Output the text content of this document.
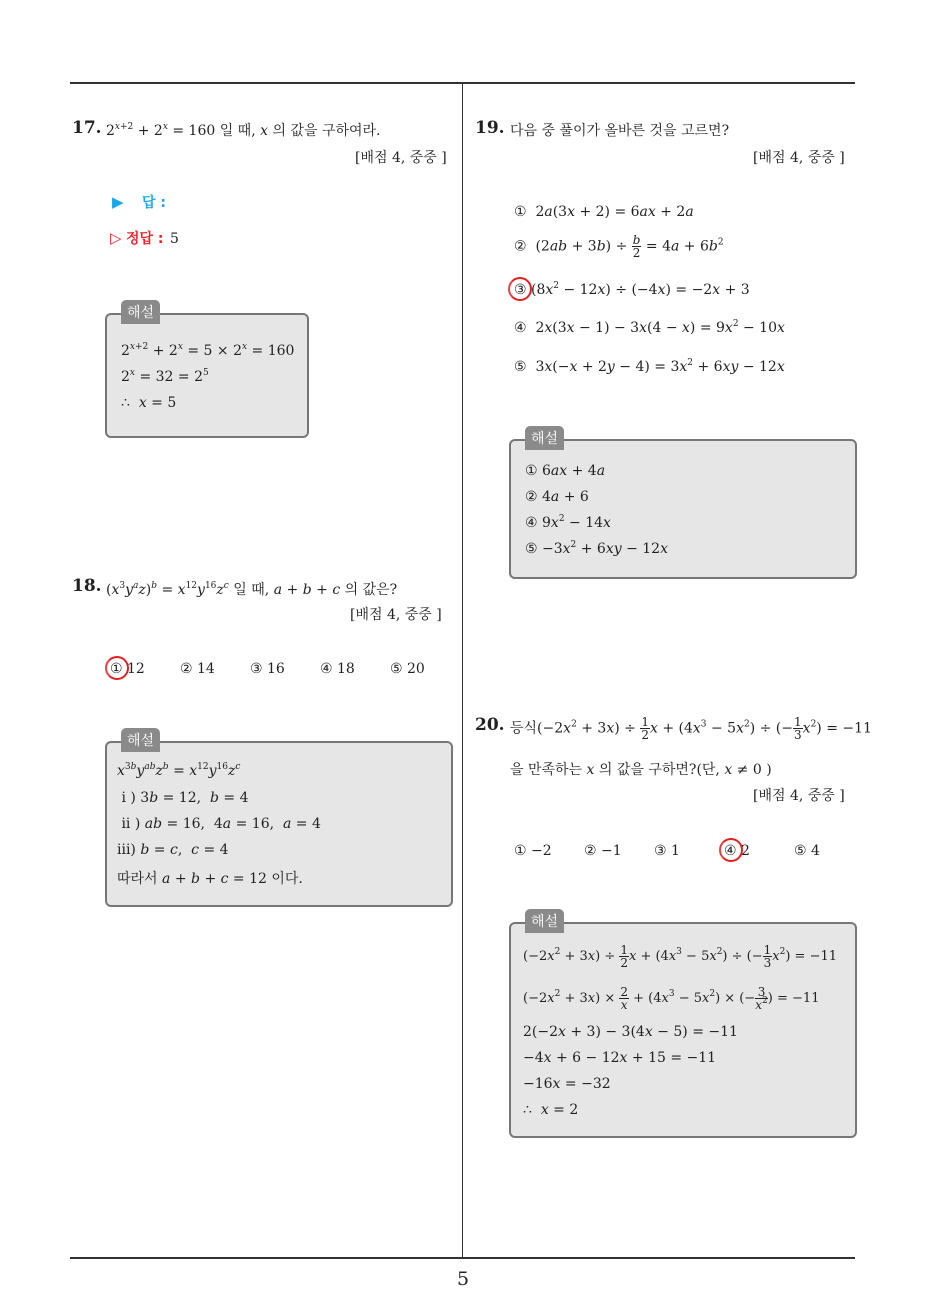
5
17. $2^{x+2} + 2^x = 160$ 일 때, x 의 값을 구하여라.
[배점 4, 중중 ]
▶ 답 :
▷ 정답 : 5
해설
$2^{x+2} + 2^x = 5 \times 2^x = 160$
$2^x = 32 = 2^5$
∴  x = 5
18. $(x^3y^az)^b = x^{12}y^{16}z^c$ 일 때, a + b + c 의 값은?
[배점 4, 중중 ]
① 12	② 14	③ 16	④ 18	⑤ 20
해설
$x^{3b}y^{ab}z^b = x^{12}y^{16}z^c$
i ) 3b = 12,  b = 4
ii ) ab = 16,  4a = 16,  a = 4
iii) b = c,  c = 4
따라서 a + b + c = 12 이다.
19. 다음 중 풀이가 올바른 것을 고르면?
[배점 4, 중중 ]
①  2a(3x + 2) = 6ax + 2a
②  $(2ab + 3b) \div \frac{b}{2} = 4a + 6b^2$
③ $(8x^2 - 12x) \div (-4x) = -2x + 3$
④  $2x(3x - 1) - 3x(4 - x) = 9x^2 - 10x$
⑤  $3x(-x + 2y - 4) = 3x^2 + 6xy - 12x$
해설
① 6ax + 4a
② 4a + 6
④ $9x^2 - 14x$
⑤ $-3x^2 + 6xy - 12x$
20. 등식$(-2x^2 + 3x) \div \frac{1}{2}$ $x + (4x^3 - 5x^2)$ ÷ (− $\frac{1}{3} x^2) = -11$
을 만족하는 x 의 값을 구하면?(단, x ≠ 0 )
[배점 4, 중중 ]
① −2 ② −1 ③ 1	④ 2	⑤ 4
해설
$(-2x^2 + 3x) \div \frac{1}{2}$ $x + (4x^3 - 5x^2)$ ÷ (− $\frac{1}{3} x^2) = -11$
$(-2x^2 + 3x) \times \frac{2}{x} + (4x^3 - 5x^2)$ × (− $\frac{3}{x^2}$ ) = −11
2(−2x + 3) − 3(4x − 5) = −11
−4x + 6 − 12x + 15 = −11
−16x = −32
∴  x = 2
